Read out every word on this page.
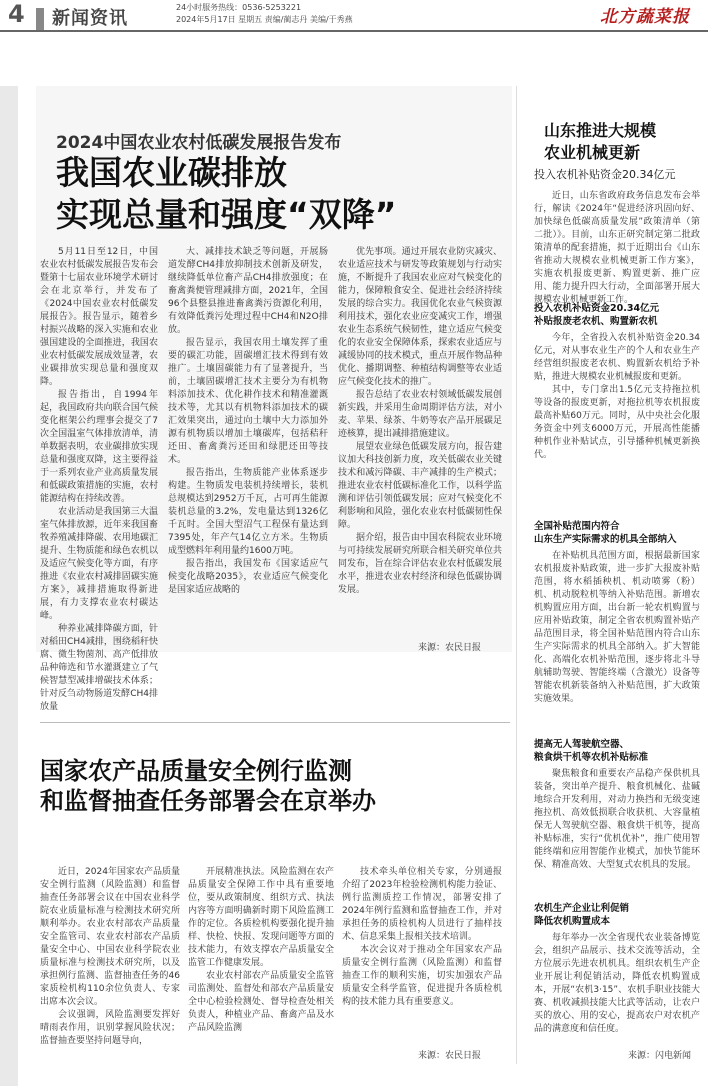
4 新闻资讯
24小时服务热线：0536-5253221
2024年5月17日 星期五 责编/蔺志丹 美编/于秀燕	北方蔬菜报
2024中国农业农村低碳发展报告发布
我国农业碳排放
实现总量和强度“双降”

5月11日至12日，中国农业农村低碳发展报告发布会暨第十七届农业环境学术研讨会在北京举行，并发布了《2024中国农业农村低碳发展报告》。报告显示，随着乡村振兴战略的深入实施和农业强国建设的全面推进，我国农业农村低碳发展成效显著，农业碳排放实现总量和强度双降。

报告指出，自1994年起，我国政府共向联合国气候变化框架公约理事会提交了7次全国温室气体排放清单，清单数据表明，农业碳排放实现总量和强度双降，这主要得益于一系列农业产业高质量发展和低碳政策措施的实施，农村能源结构在持续改善。

农业活动是我国第三大温室气体排放源，近年来我国畜牧养殖减排降碳、农用地碳汇提升、生物质能和绿色农机以及适应气候变化等方面，有序推进《农业农村减排固碳实施方案》，减排措施取得新进展，有力支撑农业农村碳达峰。

种养业减排降碳方面，针对稻田CH4减排，围绕稻秆快腐、微生物菌剂、高产低排放品种筛选和节水灌溉建立了气候智慧型减排增碳技术体系；针对反刍动物肠道发酵CH4排放量

大、减排技术缺乏等问题，开展肠道发酵CH4排放抑制技术创新及研发，继续降低单位畜产品CH4排放强度；在畜禽粪便管理减排方面，2021年，全国96个县整县推进畜禽粪污资源化利用，有效降低粪污处理过程中CH4和N2O排放。

报告显示，我国农用土壤发挥了重要的碳汇功能，固碳增汇技术得到有效推广。土壤固碳能力有了显著提升，当前，土壤固碳增汇技术主要分为有机物料添加技术、优化耕作技术和精准灌溉技术等，尤其以有机物料添加技术的碳汇效果突出，通过向土壤中大力添加外源有机物质以增加土壤碳库，包括秸秆还田、畜禽粪污还田和绿肥还田等技术。

报告指出，生物质能产业体系逐步构建。生物质发电装机持续增长，装机总规模达到2952万千瓦，占可再生能源装机总量的3.2%，发电量达到1326亿千瓦时。全国大型沼气工程保有量达到7395处，年产气14亿立方米。生物质成型燃料年利用量约1600万吨。

报告指出，我国发布《国家适应气候变化战略2035》，农业适应气候变化是国家适应战略的

优先事项。通过开展农业防灾减灾、农业适应技术与研发等政策规划与行动实施，不断提升了我国农业应对气候变化的能力，保障粮食安全、促进社会经济持续发展的综合实力。我国优化农业气候资源利用技术，强化农业应变减灾工作，增强农业生态系统气候韧性，建立适应气候变化的农业安全保障体系，探索农业适应与减缓协同的技术模式，重点开展作物品种优化、播期调整、种植结构调整等农业适应气候变化技术的推广。

报告总结了农业农村领域低碳发展创新实践，并采用生命周期评估方法，对小麦、苹果、绿茶、牛奶等农产品开展碳足迹核算，提出减排措施建议。

展望农业绿色低碳发展方向，报告建议加大科技创新力度，攻关低碳农业关键技术和减污降碳、丰产减排的生产模式；推进农业农村低碳标准化工作，以科学监测和评估引领低碳发展；应对气候变化不利影响和风险，强化农业农村低碳韧性保障。

据介绍，报告由中国农科院农业环境与可持续发展研究所联合相关研究单位共同发布，旨在综合评估农业农村低碳发展水平，推进农业农村经济和绿色低碳协调发展。

来源：农民日报
国家农产品质量安全例行监测
和监督抽查任务部署会在京举办

近日，2024年国家农产品质量安全例行监测（风险监测）和监督抽查任务部署会议在中国农业科学院农业质量标准与检测技术研究所顺利举办。农业农村部农产品质量安全监管司、农业农村部农产品质量安全中心、中国农业科学院农业质量标准与检测技术研究所，以及承担例行监测、监督抽查任务的46家质检机构110余位负责人、专家出席本次会议。

会议强调，风险监测要发挥好晴雨表作用，识别掌握风险状况；监督抽查要坚持问题导向，

开展精准执法。风险监测在农产品质量安全保障工作中具有重要地位，要从政策制度、组织方式、执法内容等方面明确新时期下风险监测工作的定位。各质检机构要强化提升抽样、快检、快报、发现问题等方面的技术能力，有效支撑农产品质量安全监管工作健康发展。

农业农村部农产品质量安全监管司监测处、监督处和部农产品质量安全中心检验检测处、督导检查处相关负责人，种植业产品、畜禽产品及水产品风险监测

技术牵头单位相关专家，分别通报介绍了2023年检验检测机构能力验证、例行监测质控工作情况，部署安排了2024年例行监测和监督抽查工作，并对承担任务的质检机构人员进行了抽样技术、信息采集上报相关技术培训。

本次会议对于推动全年国家农产品质量安全例行监测（风险监测）和监督抽查工作的顺利实施，切实加强农产品质量安全科学监管，促进提升各质检机构的技术能力具有重要意义。

来源：农民日报
山东推进大规模
农业机械更新
投入农机补贴资金20.34亿元

近日，山东省政府政务信息发布会举行，解读《2024年“促进经济巩固向好、加快绿色低碳高质量发展”政策清单（第二批）》。目前，山东正研究制定第二批政策清单的配套措施，拟于近期出台《山东省推动大规模农业机械更新工作方案》，实施农机报废更新、购置更新、推广应用、能力提升四大行动，全面部署开展大规模农业机械更新工作。

投入农机补贴资金20.34亿元
补贴报废老农机、购置新农机

今年，全省投入农机补贴资金20.34亿元，对从事农业生产的个人和农业生产经营组织报废老农机、购置新农机给予补贴，推进大规模农业机械报废和更新。

其中，专门拿出1.5亿元支持拖拉机等设备的报废更新，对拖拉机等农机报废最高补贴60万元。同时，从中央社会化服务资金中列支6000万元，开展高性能播种机作业补贴试点，引导播种机械更新换代。

全国补贴范围内符合
山东生产实际需求的机具全部纳入

在补贴机具范围方面，根据最新国家农机报废补贴政策，进一步扩大报废补贴范围，将水稻插秧机、机动喷雾（粉）机、机动脱粒机等纳入补贴范围。新增农机购置应用方面，出台新一轮农机购置与应用补贴政策，制定全省农机购置补贴产品范围目录，将全国补贴范围内符合山东生产实际需求的机具全部纳入。扩大智能化、高端化农机补贴范围，逐步将北斗导航辅助驾驶、智能终端（含激光）设备等智能农机新装备纳入补贴范围，扩大政策实施效果。

提高无人驾驶航空器、
粮食烘干机等农机补贴标准

聚焦粮食和重要农产品稳产保供机具装备，突出单产提升、粮食机械化、盐碱地综合开发利用，对动力换挡和无级变速拖拉机、高效低损联合收获机、大容量植保无人驾驶航空器、粮食烘干机等，提高补贴标准，实行“优机优补”，推广使用智能终端和应用智能作业模式，加快节能环保、精准高效、大型复式农机具的发展。

农机生产企业让利促销
降低农机购置成本

每年举办一次全省现代农业装备博览会，组织产品展示、技术交流等活动，全方位展示先进农机机具。组织农机生产企业开展让利促销活动，降低农机购置成本，开展“农机3·15”、农机手职业技能大赛、机收减损技能大比武等活动，让农户买的放心、用的安心，提高农户对农机产品的满意度和信任度。

来源：闪电新闻
